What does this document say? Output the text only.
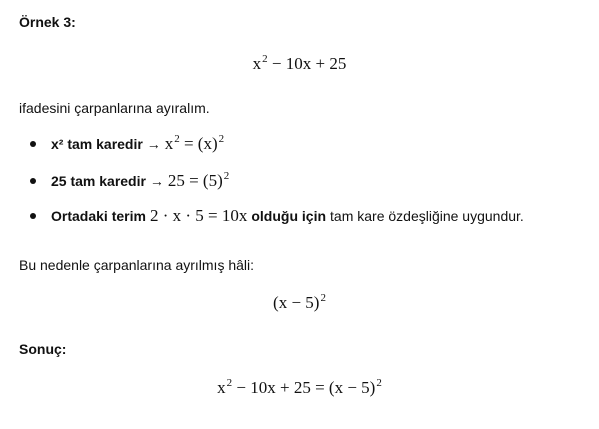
Örnek 3:
$x^2 - 10x + 25$
ifadesini çarpanlarına ayıralım.
x² tam karedir → $x^2 = (x)^2$
25 tam karedir → $25 = (5)^2$
Ortadaki terim 2 · x · 5 = 10x olduğu için tam kare özdeşliğine uygundur.
Bu nedenle çarpanlarına ayrılmış hâli:
$(x - 5)^2$
Sonuç:
$x^2 - 10x + 25 = (x - 5)^2$
